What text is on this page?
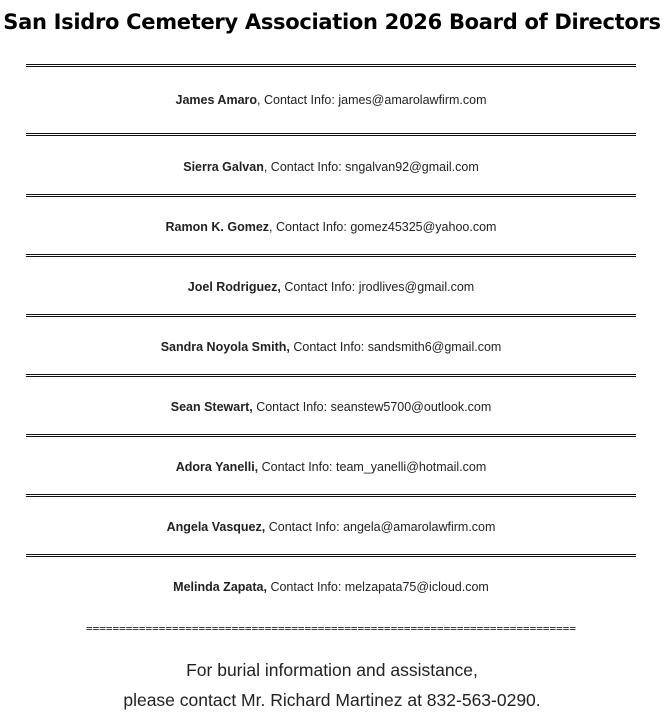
San Isidro Cemetery Association 2026 Board of Directors
James Amaro, Contact Info: james@amarolawfirm.com
Sierra Galvan, Contact Info: sngalvan92@gmail.com
Ramon K. Gomez, Contact Info: gomez45325@yahoo.com
Joel Rodriguez, Contact Info: jrodlives@gmail.com
Sandra Noyola Smith, Contact Info: sandsmith6@gmail.com
Sean Stewart, Contact Info: seanstew5700@outlook.com
Adora Yanelli, Contact Info: team_yanelli@hotmail.com
Angela Vasquez, Contact Info: angela@amarolawfirm.com
Melinda Zapata, Contact Info: melzapata75@icloud.com
==========================================================================
For burial information and assistance,
please contact Mr. Richard Martinez at 832-563-0290.
